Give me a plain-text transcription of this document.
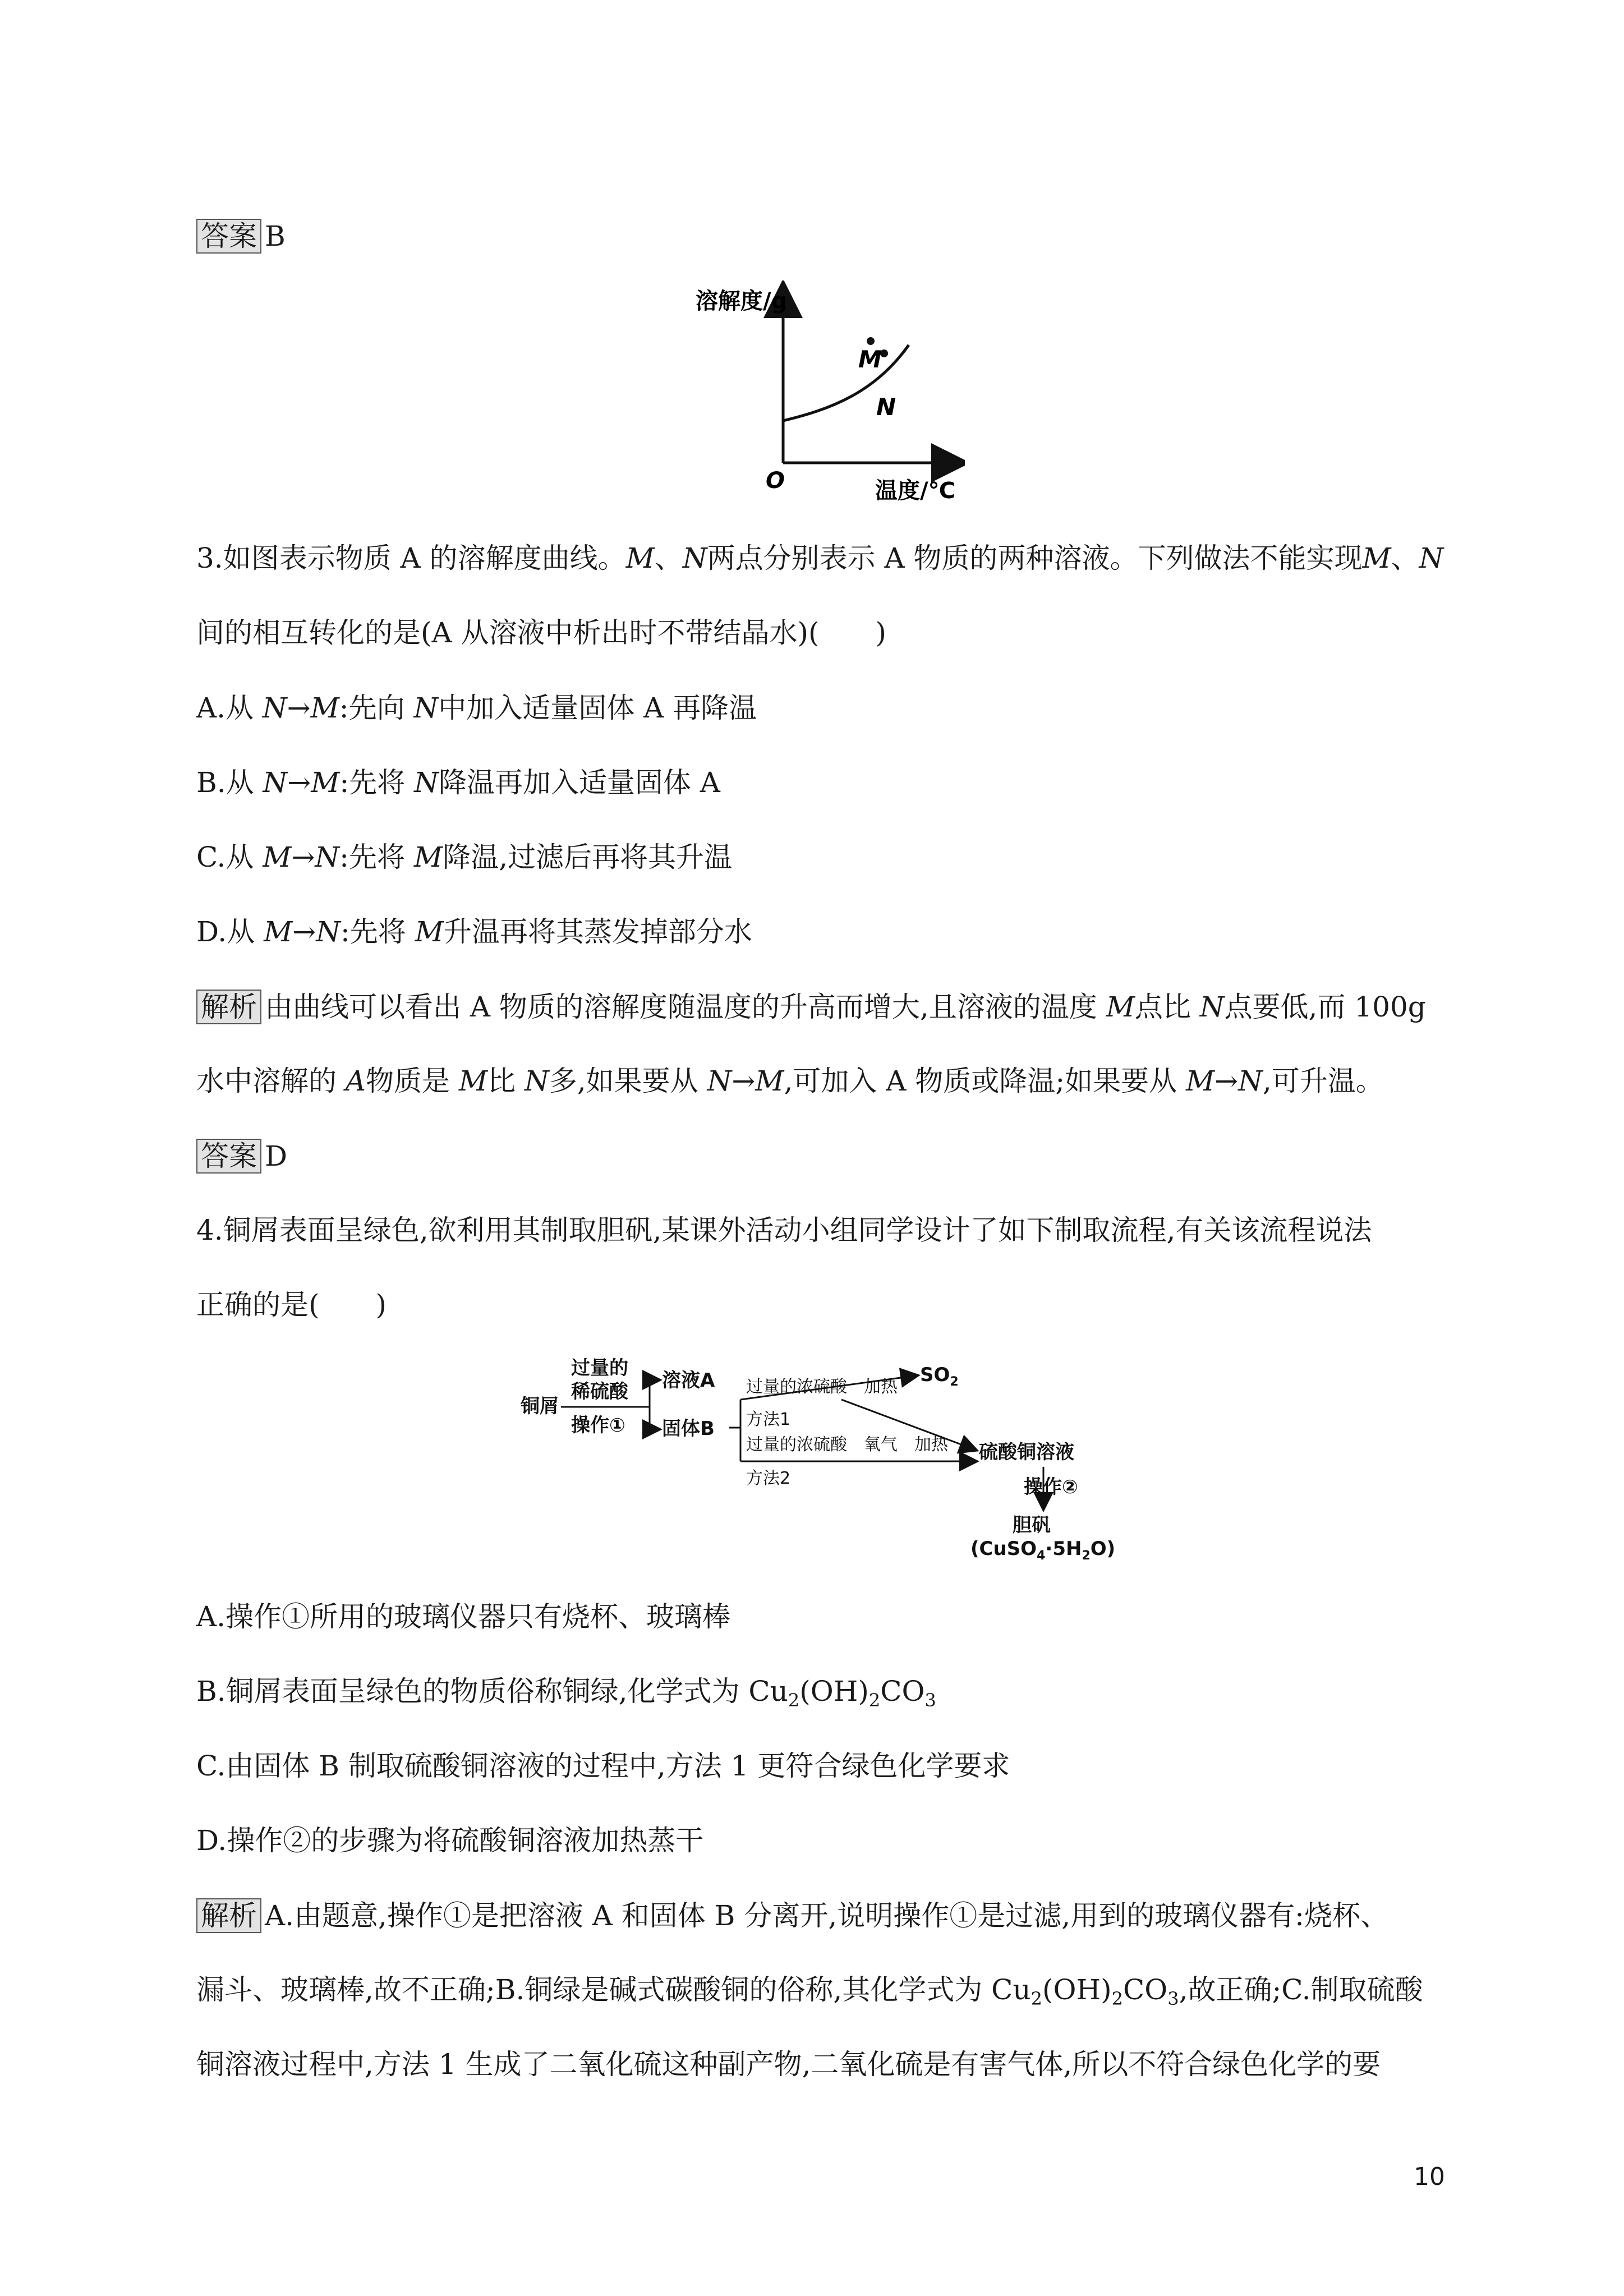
答案 B
溶解度/g
温度/℃
O
M
N
3.如图表示物质 A 的溶解度曲线。M、N两点分别表示 A 物质的两种溶液。下列做法不能实现M、N
间的相互转化的是(A 从溶液中析出时不带结晶水)(　　)
A.从 N→M:先向 N中加入适量固体 A 再降温
B.从 N→M:先将 N降温再加入适量固体 A
C.从 M→N:先将 M降温,过滤后再将其升温
D.从 M→N:先将 M升温再将其蒸发掉部分水
解析 由曲线可以看出 A 物质的溶解度随温度的升高而增大,且溶液的温度 M点比 N点要低,而 100g
水中溶解的 A物质是 M比 N多,如果要从 N→M,可加入 A 物质或降温;如果要从 M→N,可升温。
答案 D
4.铜屑表面呈绿色,欲利用其制取胆矾,某课外活动小组同学设计了如下制取流程,有关该流程说法
正确的是(　　)
铜屑
过量的
稀硫酸
操作①
溶液A
固体B
$SO_2$
硫酸铜溶液
操作②
胆矾
$(CuSO_4\cdot 5H_2O)$
过量的浓硫酸　加热
方法1
过量的浓硫酸　氧气　加热
方法2
A.操作①所用的玻璃仪器只有烧杯、玻璃棒
B.铜屑表面呈绿色的物质俗称铜绿,化学式为 $Cu_2(OH)_2CO_3$
C.由固体 B 制取硫酸铜溶液的过程中,方法 1 更符合绿色化学要求
D.操作②的步骤为将硫酸铜溶液加热蒸干
解析 A.由题意,操作①是把溶液 A 和固体 B 分离开,说明操作①是过滤,用到的玻璃仪器有:烧杯、
漏斗、玻璃棒,故不正确;B.铜绿是碱式碳酸铜的俗称,其化学式为 $Cu_2(OH)_2CO_3$,故正确;C.制取硫酸
铜溶液过程中,方法 1 生成了二氧化硫这种副产物,二氧化硫是有害气体,所以不符合绿色化学的要
10
